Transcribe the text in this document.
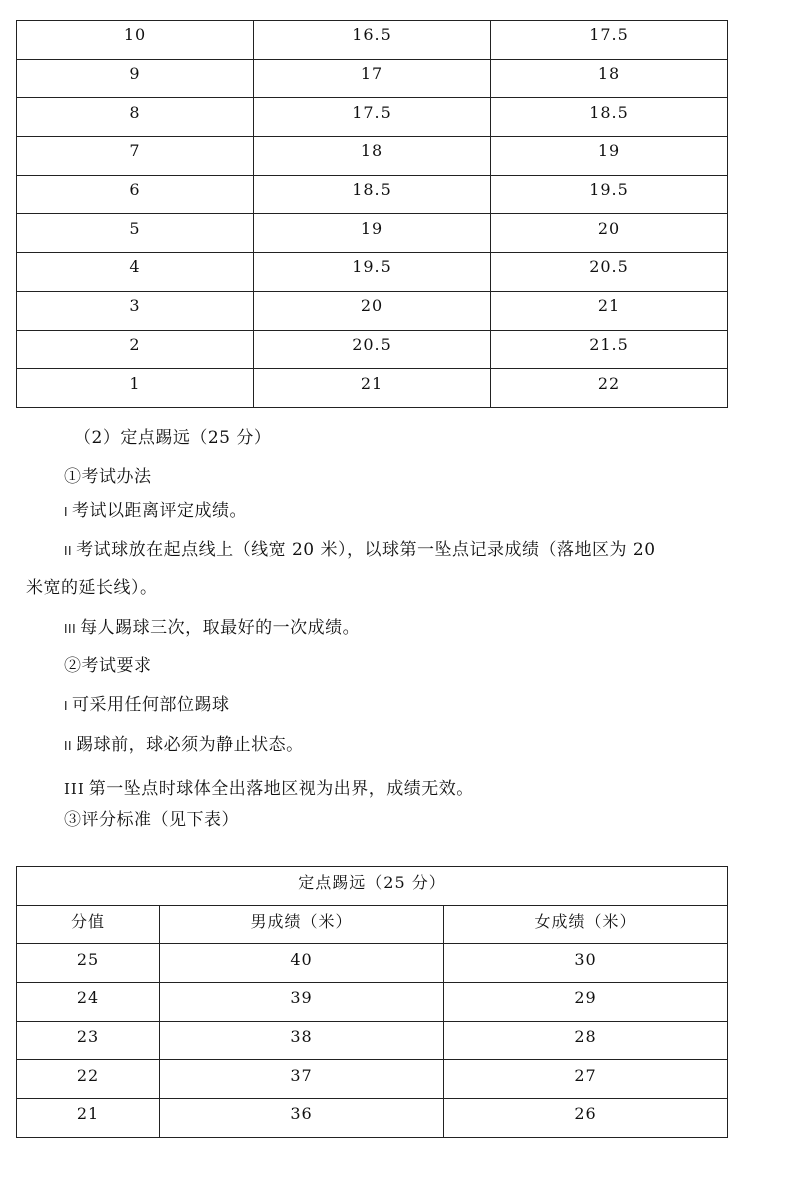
10	16.5	17.5
9	17	18
8	17.5	18.5
7	18	19
6	18.5	19.5
5	19	20
4	19.5	20.5
3	20	21
2	20.5	21.5
1	21	22
（2）定点踢远（25 分）
①考试办法
I 考试以距离评定成绩。
II 考试球放在起点线上（线宽 20 米），以球第一坠点记录成绩（落地区为 20
米宽的延长线）。
III 每人踢球三次，取最好的一次成绩。
②考试要求
I 可采用任何部位踢球
II 踢球前，球必须为静止状态。
III 第一坠点时球体全出落地区视为出界，成绩无效。
③评分标准（见下表）
定点踢远（25 分）		
分值	男成绩（米）	女成绩（米）
25	40	30
24	39	29
23	38	28
22	37	27
21	36	26
